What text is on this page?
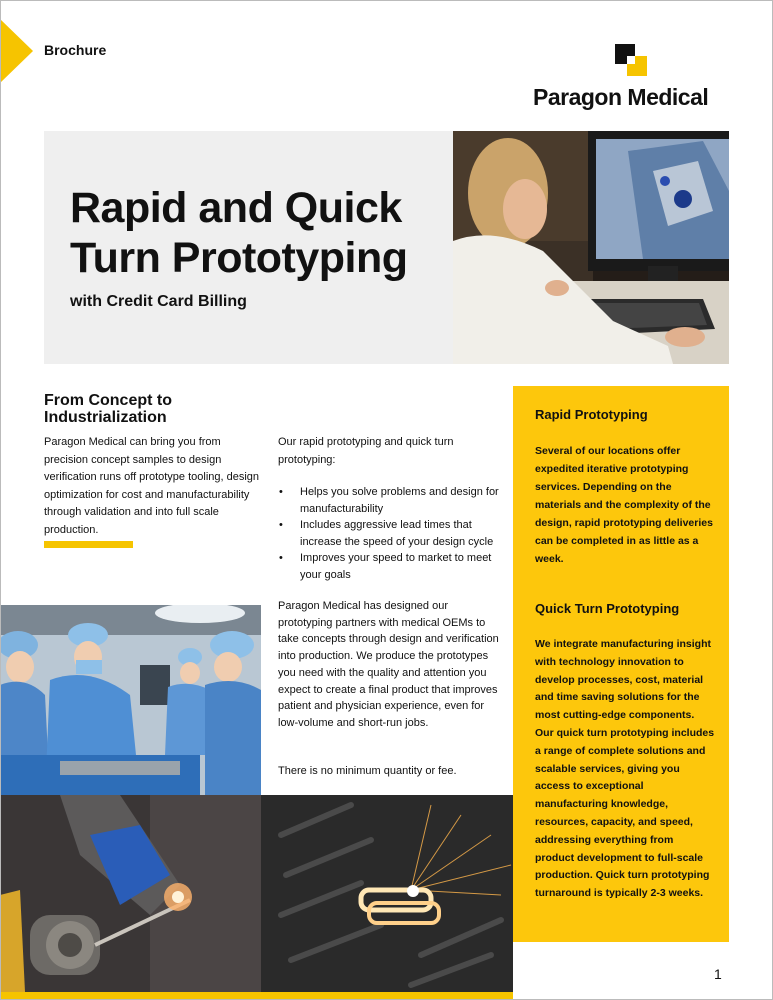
Brochure
Paragon Medical
Rapid and Quick Turn Prototyping
with Credit Card Billing
From Concept to Industrialization
Paragon Medical can bring you from precision concept samples to design verification runs off prototype tooling, design optimization for cost and manufacturability through validation and into full scale production.
Our rapid prototyping and quick turn prototyping:
• Helps you solve problems and design for manufacturability
• Includes aggressive lead times that increase the speed of your design cycle
• Improves your speed to market to meet your goals
Paragon Medical has designed our prototyping partners with medical OEMs to take concepts through design and verification into production. We produce the prototypes you need with the quality and attention you expect to create a final product that improves patient and physician experience, even for low-volume and short-run jobs.
There is no minimum quantity or fee.
Rapid Prototyping
Several of our locations offer expedited iterative prototyping services. Depending on the materials and the complexity of the design, rapid prototyping deliveries can be completed in as little as a week.
Quick Turn Prototyping
We integrate manufacturing insight with technology innovation to develop processes, cost, material and time saving solutions for the most cutting-edge components. Our quick turn prototyping includes a range of complete solutions and scalable services, giving you access to exceptional manufacturing knowledge, resources, capacity, and speed, addressing everything from product development to full-scale production. Quick turn prototyping turnaround is typically 2-3 weeks.
1
